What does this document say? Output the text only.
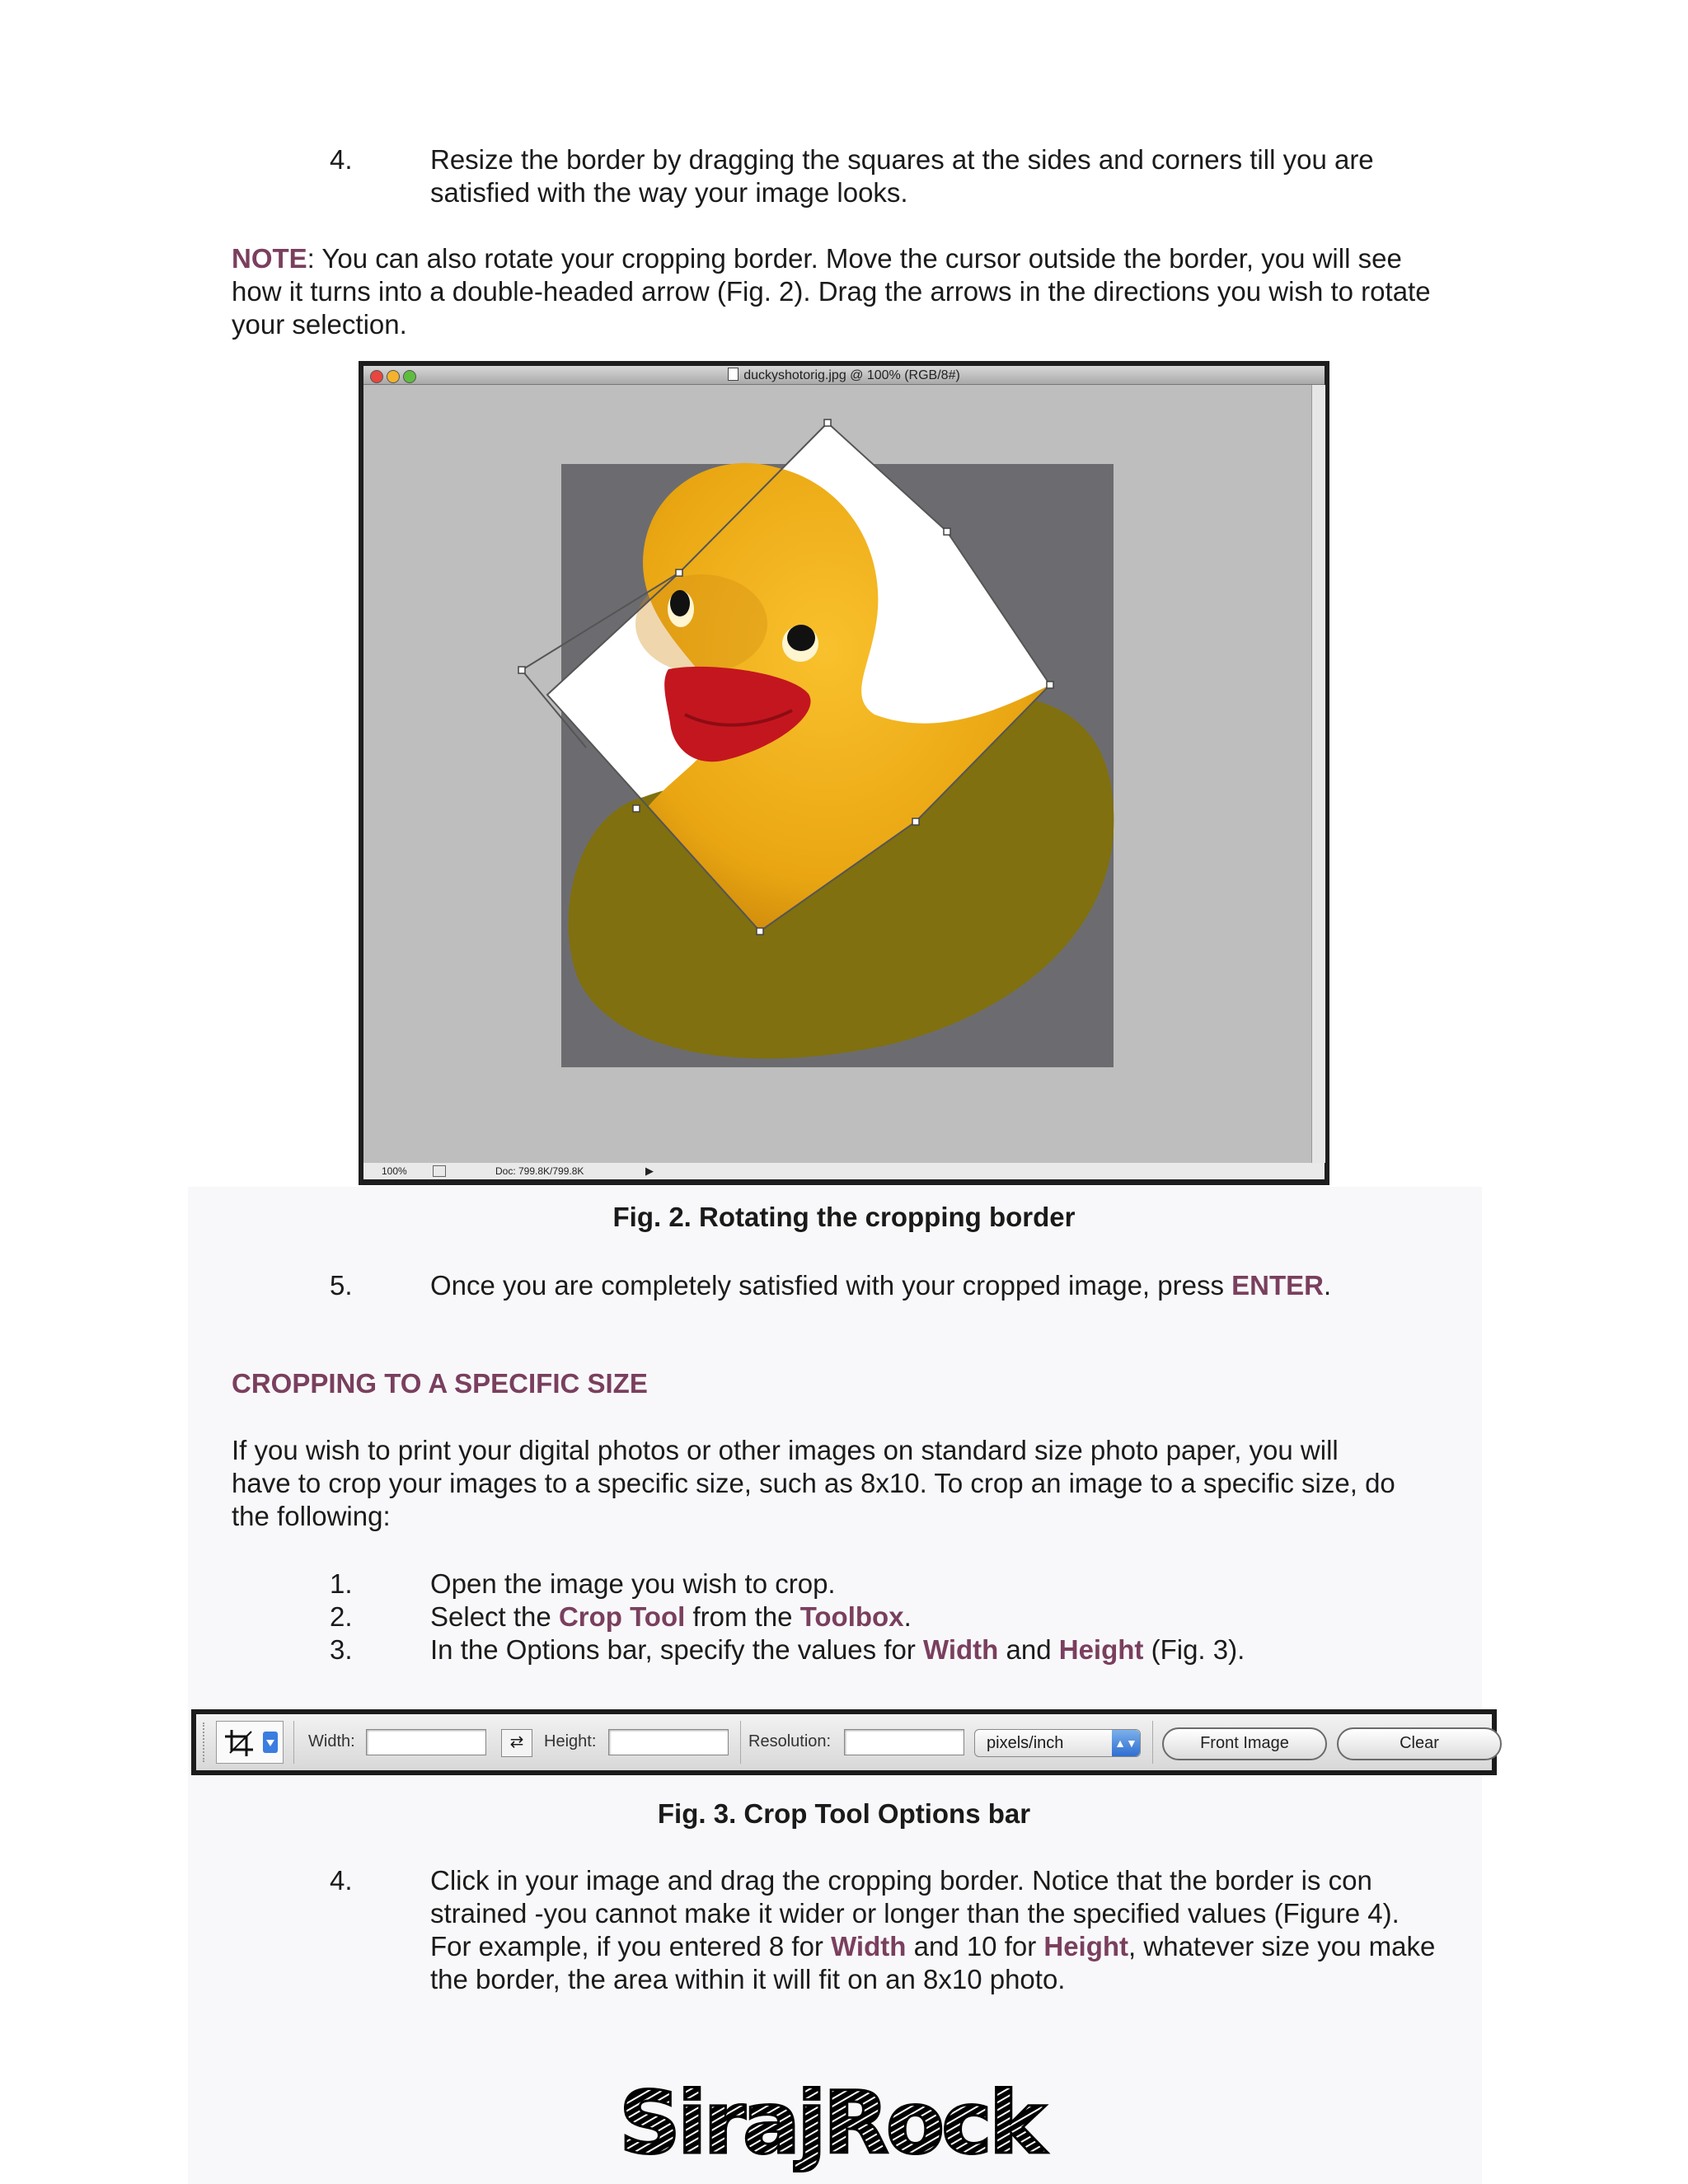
4.	Resize the border by dragging the squares at the sides and corners till you are
satisfied with the way your image looks.
NOTE: You can also rotate your cropping border. Move the cursor outside the border, you will see
how it turns into a double-headed arrow (Fig. 2). Drag the arrows in the directions you wish to rotate
your selection.
duckyshotorig.jpg @ 100% (RGB/8#)
100%	Doc: 799.8K/799.8K	▶
Fig. 2. Rotating the cropping border
5.	Once you are completely satisfied with your cropped image, press ENTER.
CROPPING TO A SPECIFIC SIZE
If you wish to print your digital photos or other images on standard size photo paper, you will
have to crop your images to a specific size, such as 8x10. To crop an image to a specific size, do
the following:
1.	Open the image you wish to crop.
2.	Select the Crop Tool from the Toolbox.
3.	In the Options bar, specify the values for Width and Height (Fig. 3).
Width:	⇄	Height:	Resolution:	pixels/inch	▲▼	Front Image	Clear
Fig. 3. Crop Tool Options bar
4.	Click in your image and drag the cropping border. Notice that the border is con
strained -you cannot make it wider or longer than the specified values (Figure 4).
For example, if you entered 8 for Width and 10 for Height, whatever size you make
the border, the area within it will fit on an 8x10 photo.
SirajRock
